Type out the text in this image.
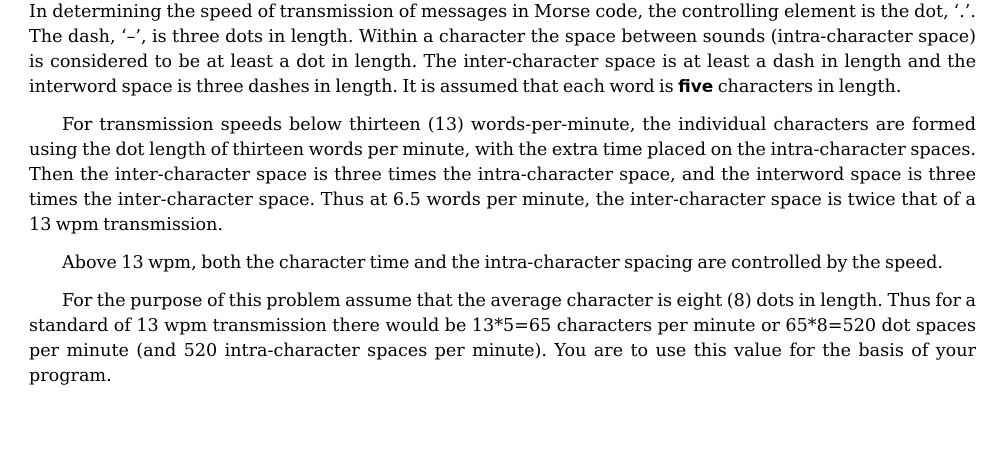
In determining the speed of transmission of messages in Morse code, the controlling element is the dot, ‘.’. The dash, ‘–’, is three dots in length. Within a character the space between sounds (intra-character space) is considered to be at least a dot in length. The inter-character space is at least a dash in length and the interword space is three dashes in length. It is assumed that each word is five characters in length.

For transmission speeds below thirteen (13) words-per-minute, the individual characters are formed using the dot length of thirteen words per minute, with the extra time placed on the intra-character spaces. Then the inter-character space is three times the intra-character space, and the interword space is three times the inter-character space. Thus at 6.5 words per minute, the inter-character space is twice that of a 13 wpm transmission.

Above 13 wpm, both the character time and the intra-character spacing are controlled by the speed.

For the purpose of this problem assume that the average character is eight (8) dots in length. Thus for a standard of 13 wpm transmission there would be 13*5=65 characters per minute or 65*8=520 dot spaces per minute (and 520 intra-character spaces per minute). You are to use this value for the basis of your program.
